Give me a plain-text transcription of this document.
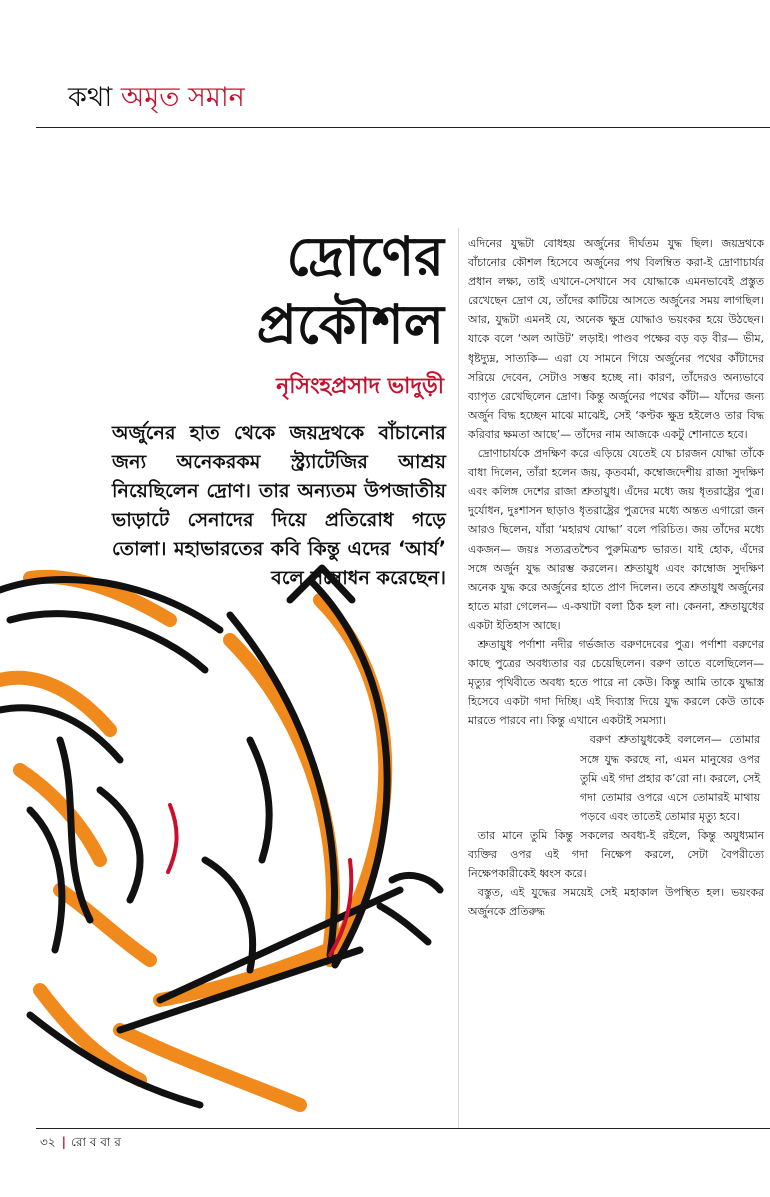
কথা অমৃত সমান
দ্রোণের
প্রকৌশল
নৃসিংহপ্রসাদ ভাদুড়ী
অর্জুনের হাত থেকে জয়দ্রথকে বাঁচানোর জন্য অনেকরকম স্ট্র্যাটেজির আশ্রয় নিয়েছিলেন দ্রোণ। তার অন্যতম উপজাতীয় ভাড়াটে সেনাদের দিয়ে প্রতিরোধ গড়ে তোলা। মহাভারতের কবি কিন্তু এদের ‘আর্য’ বলে সম্বোধন করেছেন।

এদিনের যুদ্ধটা বোধহয় অর্জুনের দীর্ঘতম যুদ্ধ ছিল। জয়দ্রথকে বাঁচানোর কৌশল হিসেবে অর্জুনের পথ বিলম্বিত করা-ই দ্রোণাচার্যর প্রধান লক্ষ্য, তাই এখানে-সেখানে সব যোদ্ধাকে এমনভাবেই প্রস্তুত রেখেছেন দ্রোণ যে, তাঁদের কাটিয়ে আসতে অর্জুনের সময় লাগছিল। আর, যুদ্ধটা এমনই যে, অনেক ক্ষুদ্র যোদ্ধাও ভয়ংকর হয়ে উঠছেন। যাকে বলে ‘অল আউট’ লড়াই। পাণ্ডব পক্ষের বড় বড় বীর— ভীম, ধৃষ্টদ্যুম্ন, সাত্যকি— এরা যে সামনে গিয়ে অর্জুনের পথের কাঁটাদের সরিয়ে দেবেন, সেটাও সম্ভব হচ্ছে না। কারণ, তাঁদেরও অন্যভাবে ব্যাপৃত রেখেছিলেন দ্রোণ। কিন্তু অর্জুনের পথের কাঁটা— যাঁদের জন্য অর্জুন বিদ্ধ হচ্ছেন মাঝে মাঝেই, সেই ‘কণ্টক ক্ষুদ্র হইলেও তার বিদ্ধ করিবার ক্ষমতা আছে’— তাঁদের নাম আজকে একটু শোনাতে হবে।

দ্রোণাচার্যকে প্রদক্ষিণ করে এড়িয়ে যেতেই যে চারজন যোদ্ধা তাঁকে বাধা দিলেন, তাঁরা হলেন জয়, কৃতবর্মা, কম্বোজদেশীয় রাজা সুদক্ষিণ এবং কলিঙ্গ দেশের রাজা শ্রুতায়ুধ। এঁদের মধ্যে জয় ধৃতরাষ্ট্রের পুত্র। দুর্যোধন, দুঃশাসন ছাড়াও ধৃতরাষ্ট্রের পুত্রদের মধ্যে অন্তত এগারো জন আরও ছিলেন, যাঁরা ‘মহারথ যোদ্ধা’ বলে পরিচিত। জয় তাঁদের মধ্যে একজন— জয়ঃ সত্যব্রতশ্চৈব পুরুমিত্রশ্চ ভারত। যাই হোক, এঁদের সঙ্গে অর্জুন যুদ্ধ আরম্ভ করলেন। শ্রুতায়ুধ এবং কাম্বোজ সুদক্ষিণ অনেক যুদ্ধ করে অর্জুনের হাতে প্রাণ দিলেন। তবে শ্রুতায়ুধ অর্জুনের হাতে মারা গেলেন— এ-কথাটা বলা ঠিক হল না। কেননা, শ্রুতায়ুধের একটা ইতিহাস আছে।

শ্রুতায়ুধ পর্ণাশা নদীর গর্ভজাত বরুণদেবের পুত্র। পর্ণাশা বরুণের কাছে পুত্রের অবধ্যতার বর চেয়েছিলেন। বরুণ তাতে বলেছিলেন— মৃত্যুর পৃথিবীতে অবধ্য হতে পারে না কেউ। কিন্তু আমি তাকে যুদ্ধাস্ত্র হিসেবে একটা গদা দিচ্ছি। এই দিব্যাস্ত্র দিয়ে যুদ্ধ করলে কেউ তাকে মারতে পারবে না। কিন্তু এখানে একটাই সমস্যা।

বরুণ শ্রুতায়ুধকেই বললেন— তোমার সঙ্গে যুদ্ধ করছে না, এমন মানুষের ওপর তুমি এই গদা প্রহার ক’রো না। করলে, সেই গদা তোমার ওপরে এসে তোমারই মাথায় পড়বে এবং তাতেই তোমার মৃত্যু হবে।

তার মানে তুমি কিন্তু সকলের অবধ্য-ই রইলে, কিন্তু অযুধ্যমান ব্যক্তির ওপর এই গদা নিক্ষেপ করলে, সেটা বৈপরীত্যে নিক্ষেপকারীকেই ধ্বংস করে।

বস্তুত, এই যুদ্ধের সময়েই সেই মহাকাল উপস্থিত হল। ভয়ংকর অর্জুনকে প্রতিরুদ্ধ

৩২ | রো ব বা র
